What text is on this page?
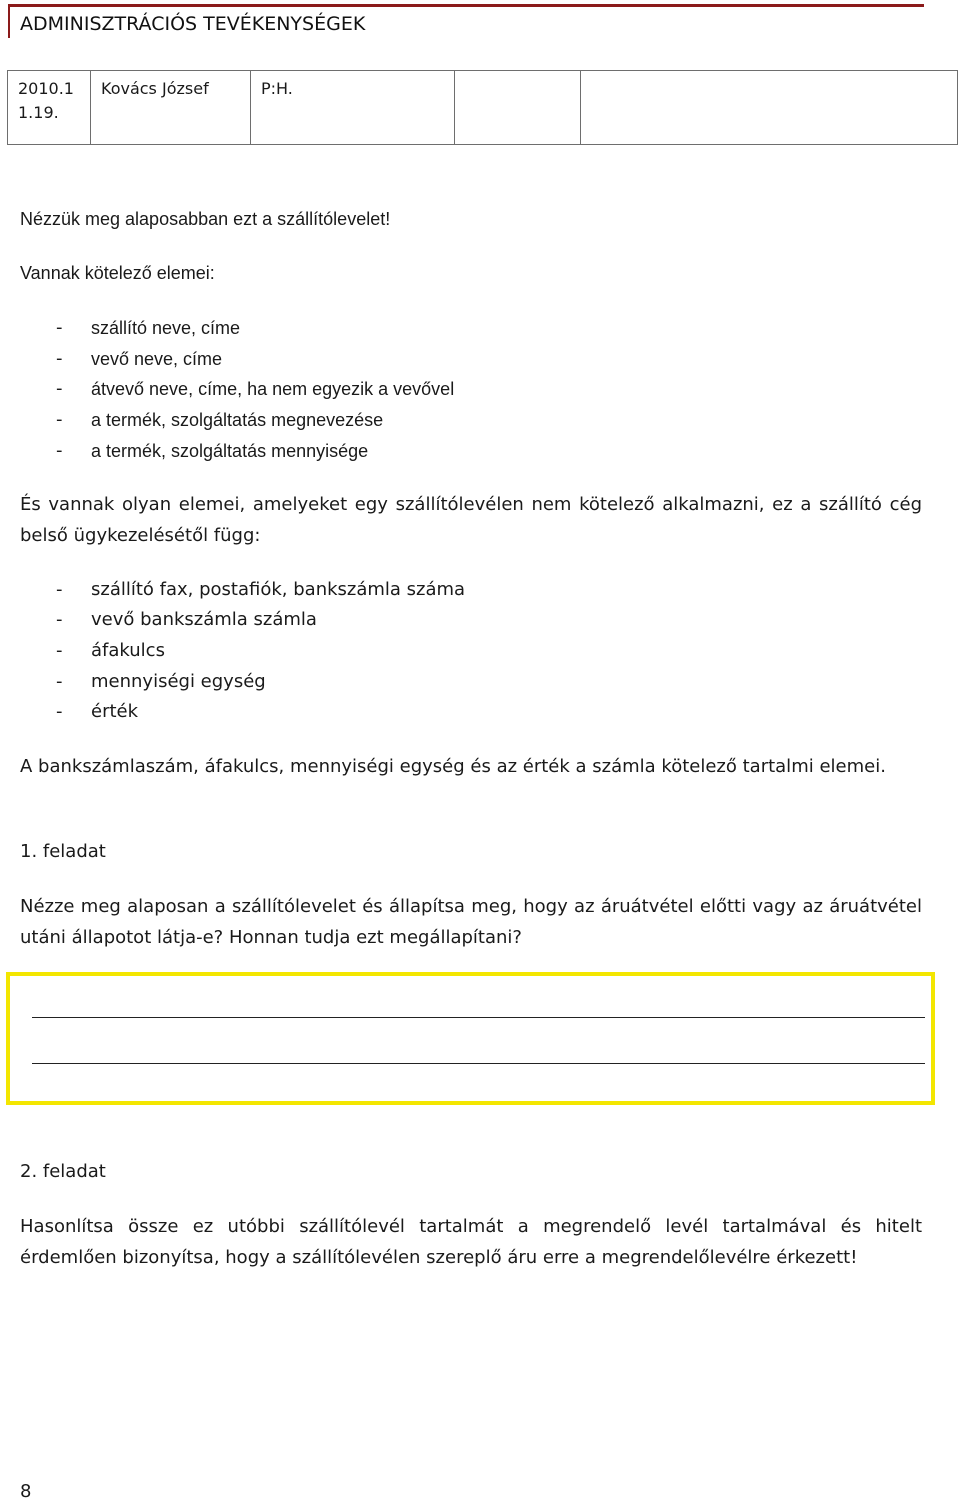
ADMINISZTRÁCIÓS TEVÉKENYSÉGEK
2010.1 1.19.	Kovács József	P:H.		
Nézzük meg alaposabban ezt a szállítólevelet!
Vannak kötelező elemei:
- szállító neve, címe
- vevő neve, címe
- átvevő neve, címe, ha nem egyezik a vevővel
- a termék, szolgáltatás megnevezése
- a termék, szolgáltatás mennyisége
És vannak olyan elemei, amelyeket egy szállítólevélen nem kötelező alkalmazni, ez a szállító cég belső ügykezelésétől függ:
- szállító fax, postafiók, bankszámla száma
- vevő bankszámla számla
- áfakulcs
- mennyiségi egység
- érték
A bankszámlaszám, áfakulcs, mennyiségi egység és az érték a számla kötelező tartalmi elemei.
1. feladat
Nézze meg alaposan a szállítólevelet és állapítsa meg, hogy az áruátvétel előtti vagy az áruátvétel utáni állapotot látja-e? Honnan tudja ezt megállapítani?
2. feladat
Hasonlítsa össze ez utóbbi szállítólevél tartalmát a megrendelő levél tartalmával és hitelt érdemlően bizonyítsa, hogy a szállítólevélen szereplő áru erre a megrendelőlevélre érkezett!
8
